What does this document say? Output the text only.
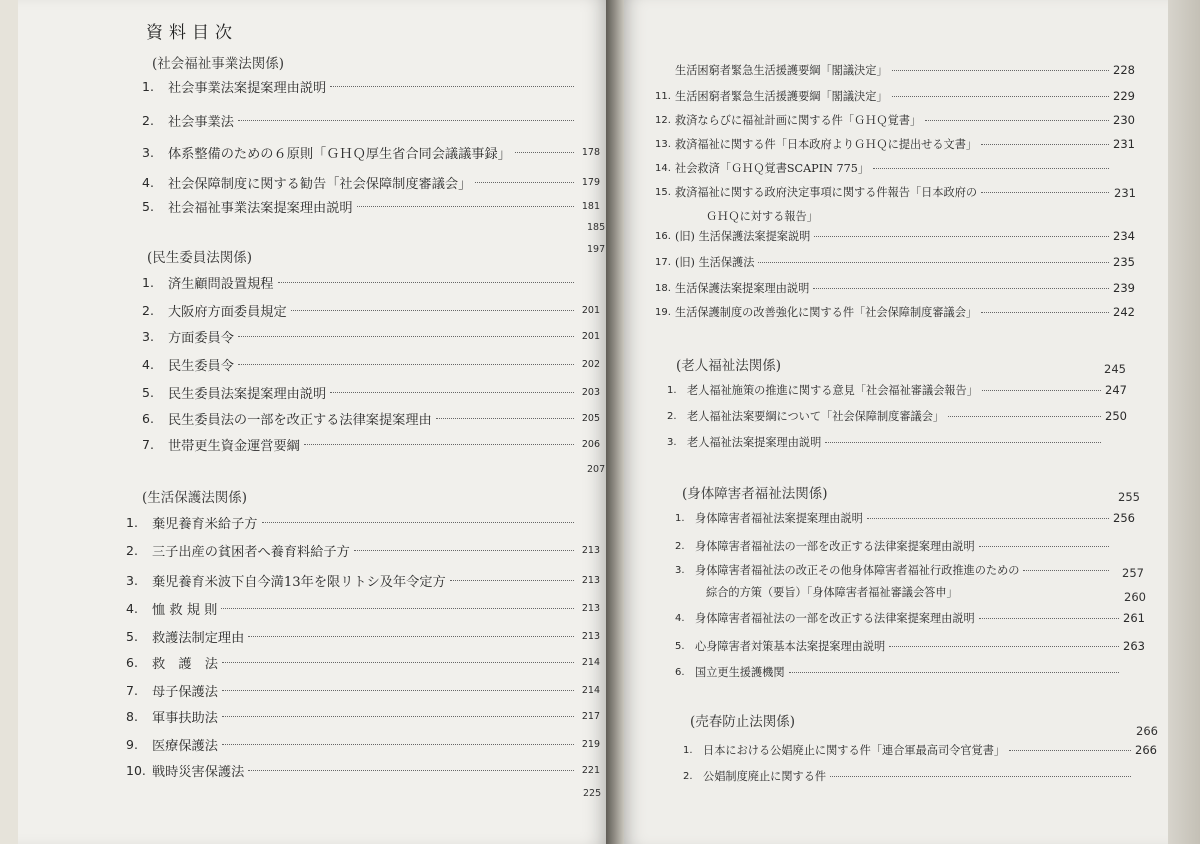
資料目次
(社会福祉事業法関係)
1.	社会事業法案提案理由説明
2.	社会事業法
3.	体系整備のための６原則「ＧＨＱ厚生省合同会議議事録」	178
4.	社会保障制度に関する勧告「社会保障制度審議会」	179
5.	社会福祉事業法案提案理由説明	181
185
197
(民生委員法関係)
1.	済生顧問設置規程
2.	大阪府方面委員規定	201
3.	方面委員令	201
4.	民生委員令	202
5.	民生委員法案提案理由説明	203
6.	民生委員法の一部を改正する法律案提案理由	205
7.	世帯更生資金運営要綱	206
207
(生活保護法関係)
1.	棄児養育米給子方
2.	三子出産の貧困者へ養育料給子方	213
3.	棄児養育米波下自今満13年を限リトシ及年令定方	213
4.	恤 救 規 則	213
5.	救護法制定理由	213
6.	救　護　法	214
7.	母子保護法	214
8.	軍事扶助法	217
9.	医療保護法	219
10. 戦時災害保護法	221
225
生活困窮者緊急生活援護要綱「閣議決定」	228
11. 生活困窮者緊急生活援護要綱「閣議決定」	229
12. 救済ならびに福祉計画に関する件「ＧＨＱ覚書」	230
13. 救済福祉に関する件「日本政府よりＧＨＱに提出せる文書」	231
14. 社会救済「ＧＨＱ覚書SCAPIN 775」
15. 救済福祉に関する政府決定事項に関する件報告「日本政府の
ＧＨＱに対する報告」
231
16. (旧) 生活保護法案提案説明	234
17. (旧) 生活保護法	235
18. 生活保護法案提案理由説明	239
19. 生活保護制度の改善強化に関する件「社会保障制度審議会」	242
(老人福祉法関係)	245
1. 老人福祉施策の推進に関する意見「社会福祉審議会報告」	247
2. 老人福祉法案要綱について「社会保障制度審議会」	250
3. 老人福祉法案提案理由説明
(身体障害者福祉法関係)	255
1. 身体障害者福祉法案提案理由説明	256
2. 身体障害者福祉法の一部を改正する法律案提案理由説明
3. 身体障害者福祉法の改正その他身体障害者福祉行政推進のための
綜合的方策（要旨）「身体障害者福祉審議会答申」
257
260
4. 身体障害者福祉法の一部を改正する法律案提案理由説明	261
5. 心身障害者対策基本法案提案理由説明	263
6. 国立更生援護機関
(売春防止法関係)
266
1. 日本における公娼廃止に関する件「連合軍最高司令官覚書」	266
2. 公娼制度廃止に関する件
